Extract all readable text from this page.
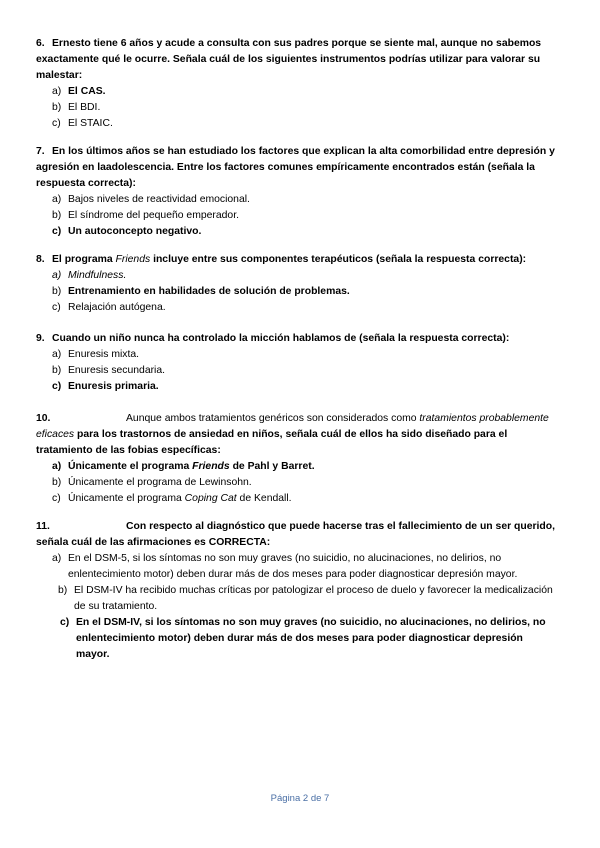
6. Ernesto tiene 6 años y acude a consulta con sus padres porque se siente mal, aunque no sabemos exactamente qué le ocurre. Señala cuál de los siguientes instrumentos podrías utilizar para valorar su malestar:
a) El CAS.
b) El BDI.
c) El STAIC.
7. En los últimos años se han estudiado los factores que explican la alta comorbilidad entre depresión y agresión en laadolescencia. Entre los factores comunes empíricamente encontrados están (señala la respuesta correcta):
a) Bajos niveles de reactividad emocional.
b) El síndrome del pequeño emperador.
c) Un autoconcepto negativo.
8. El programa Friends incluye entre sus componentes terapéuticos (señala la respuesta correcta):
a) Mindfulness.
b) Entrenamiento en habilidades de solución de problemas.
c) Relajación autógena.
9. Cuando un niño nunca ha controlado la micción hablamos de (señala la respuesta correcta):
a) Enuresis mixta.
b) Enuresis secundaria.
c) Enuresis primaria.
10.	Aunque ambos tratamientos genéricos son considerados como tratamientos probablemente eficaces para los trastornos de ansiedad en niños, señala cuál de ellos ha sido diseñado para el tratamiento de las fobias específicas:
a) Únicamente el programa Friends de Pahl y Barret.
b) Únicamente el programa de Lewinsohn.
c) Únicamente el programa Coping Cat de Kendall.
11.	Con respecto al diagnóstico que puede hacerse tras el fallecimiento de un ser querido, señala cuál de las afirmaciones es CORRECTA:
a) En el DSM-5, si los síntomas no son muy graves (no suicidio, no alucinaciones, no delirios, no enlentecimiento motor) deben durar más de dos meses para poder diagnosticar depresión mayor.
b) El DSM-IV ha recibido muchas críticas por patologizar el proceso de duelo y favorecer la medicalización de su tratamiento.
c) En el DSM-IV, si los síntomas no son muy graves (no suicidio, no alucinaciones, no delirios, no enlentecimiento motor) deben durar más de dos meses para poder diagnosticar depresión mayor.
Página 2 de 7
